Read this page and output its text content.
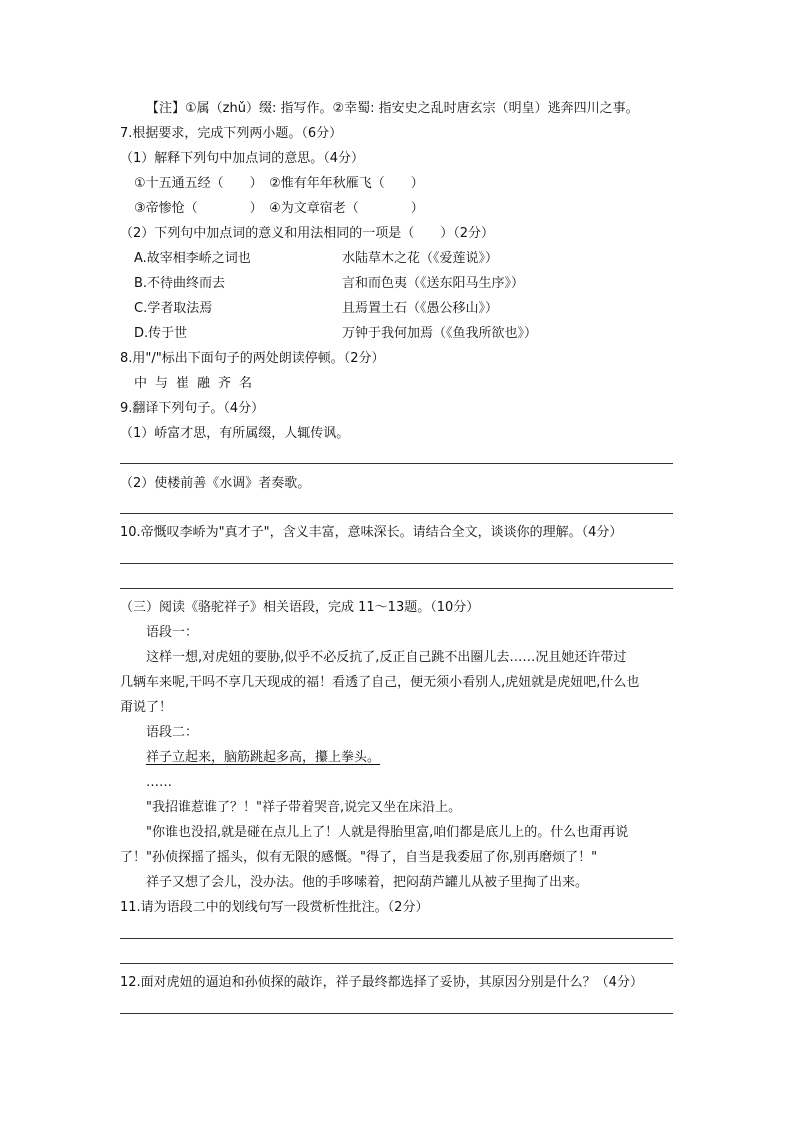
【注】①属（zhǔ）缀: 指写作。②幸蜀: 指安史之乱时唐玄宗（明皇）逃奔四川之事。
7.根据要求，完成下列两小题。（6分）
（1）解释下列句中加点词的意思。（4分）
①十五通五经（　　）　②惟有年年秋雁飞（　　）
③帝惨怆（　　　　）　④为文章宿老（　　　　）
（2）下列句中加点词的意义和用法相同的一项是（　　）（2分）
A.故宰相李峤之词也	水陆草木之花（《爱莲说》）
B.不待曲终而去	言和而色夷（《送东阳马生序》）
C.学者取法焉	且焉置土石（《愚公移山》）
D.传于世	万钟于我何加焉（《鱼我所欲也》）
8.用"/"标出下面句子的两处朗读停顿。（2分）
中与崔融齐名
9.翻译下列句子。（4分）
（1）峤富才思，有所属缀，人辄传讽。
（2）使楼前善《水调》者奏歌。
10.帝慨叹李峤为"真才子"，含义丰富，意味深长。请结合全文，谈谈你的理解。（4分）
（三）阅读《骆驼祥子》相关语段，完成 11～13题。（10分）
语段一：
这样一想,对虎妞的要胁,似乎不必反抗了,反正自己跳不出圈儿去……况且她还许带过
几辆车来呢,干吗不享几天现成的福！看透了自己，便无须小看别人,虎妞就是虎妞吧,什么也
甭说了！
语段二：
祥子立起来，脑筋跳起多高，攥上拳头。
……
"我招谁惹谁了？！"祥子带着哭音,说完又坐在床沿上。
"你谁也没招,就是碰在点儿上了！人就是得胎里富,咱们都是底儿上的。什么也甭再说
了！"孙侦探摇了摇头，似有无限的感慨。"得了，自当是我委屈了你,别再磨烦了！"
祥子又想了会儿，没办法。他的手哆嗦着，把闷葫芦罐儿从被子里掏了出来。
11.请为语段二中的划线句写一段赏析性批注。（2分）
12.面对虎妞的逼迫和孙侦探的敲诈，祥子最终都选择了妥协，其原因分别是什么？（4分）
